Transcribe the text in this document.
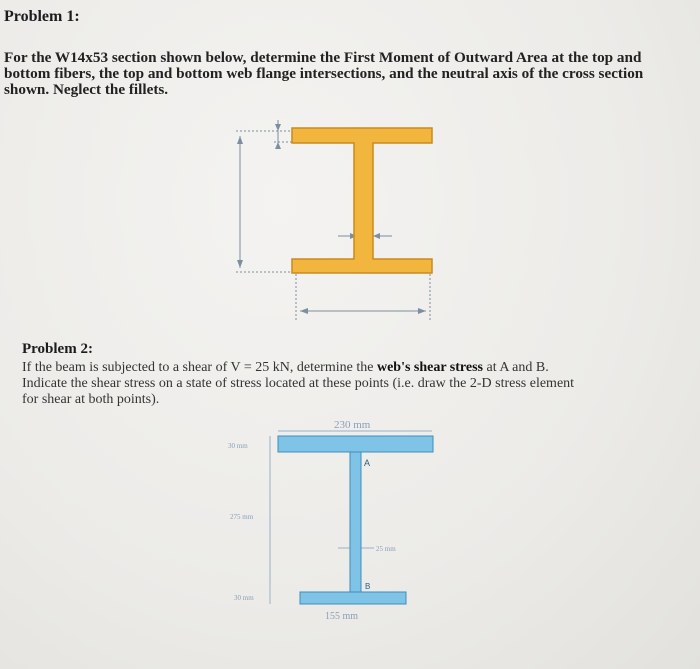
Problem 1:
For the W14x53 section shown below, determine the First Moment of Outward Area at the top and
bottom fibers, the top and bottom web flange intersections, and the neutral axis of the cross section
shown. Neglect the fillets.
Problem 2:
If the beam is subjected to a shear of V = 25 kN, determine the web's shear stress at A and B.
Indicate the shear stress on a state of stress located at these points (i.e. draw the 2-D stress element
for shear at both points).
230 mm
30 mm
275 mm
25 mm
30 mm
155 mm
A
B
